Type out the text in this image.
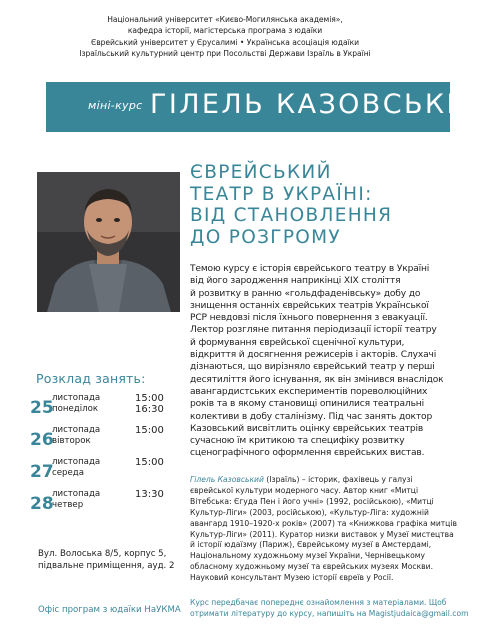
Національний університет «Києво-Могилянська академія»,
кафедра історії, магістерська програма з юдаїки
Єврейський університет у Єрусалимі • Українська асоціація юдаїки
Ізраїльський культурний центр при Посольстві Держави Ізраїль в Україні
міні-курс ГІЛЕЛЬ КАЗОВСЬКИЙ
ЄВРЕЙСЬКИЙ
ТЕАТР В УКРАЇНІ:
ВІД СТАНОВЛЕННЯ
ДО РОЗГРОМУ
Темою курсу є історія єврейського театру в Україні
від його зародження наприкінці XIX століття
й розвитку в ранню «гольдфаденівську» добу до
знищення останніх єврейських театрів Української
РСР невдовзі після їхнього повернення з евакуації.
Лектор розгляне питання періодизації історії театру
й формування єврейської сценічної культури,
відкриття й досягнення режисерів і акторів. Слухачі
дізнаються, що вирізняло єврейський театр у перші
десятиліття його існування, як він змінився внаслідок
авангардистських експериментів пореволюційних
років та в якому становищі опинилися театральні
колективи в добу сталінізму. Під час занять доктор
Казовський висвітлить оцінку єврейських театрів
сучасною їм критикою та специфіку розвитку
сценографічного оформлення єврейських вистав.
Розклад занять:
25
листопада
понеділок
15:00
16:30
26
листопада
вівторок
15:00
27
листопада
середа
15:00
28
листопада
четвер
13:30
Вул. Волоська 8/5, корпус 5,
підвальне приміщення, ауд. 2
Офіс програм з юдаїки НаУКМА
Гілель Казовський (Ізраїль) – історик, фахівець у галузі
єврейської культури модерного часу. Автор книг «Митці
Вітебська: Єгуда Пен і його учні» (1992, російською), «Митці
Культур-Ліги» (2003, російською), «Культур-Ліга: художній
авангард 1910–1920-х років» (2007) та «Книжкова графіка митців
Культур-Ліги» (2011). Куратор низки виставок у Музеї мистецтва
й історії юдаїзму (Париж), Єврейському музеї в Амстердамі,
Національному художньому музеї України, Чернівецькому
обласному художньому музеї та єврейських музеях Москви.
Науковий консультант Музею історії євреїв у Росії.
Курс передбачає попереднє ознайомлення з матеріалами. Щоб
отримати літературу до курсу, напишіть на Magistjudaica@gmail.com
